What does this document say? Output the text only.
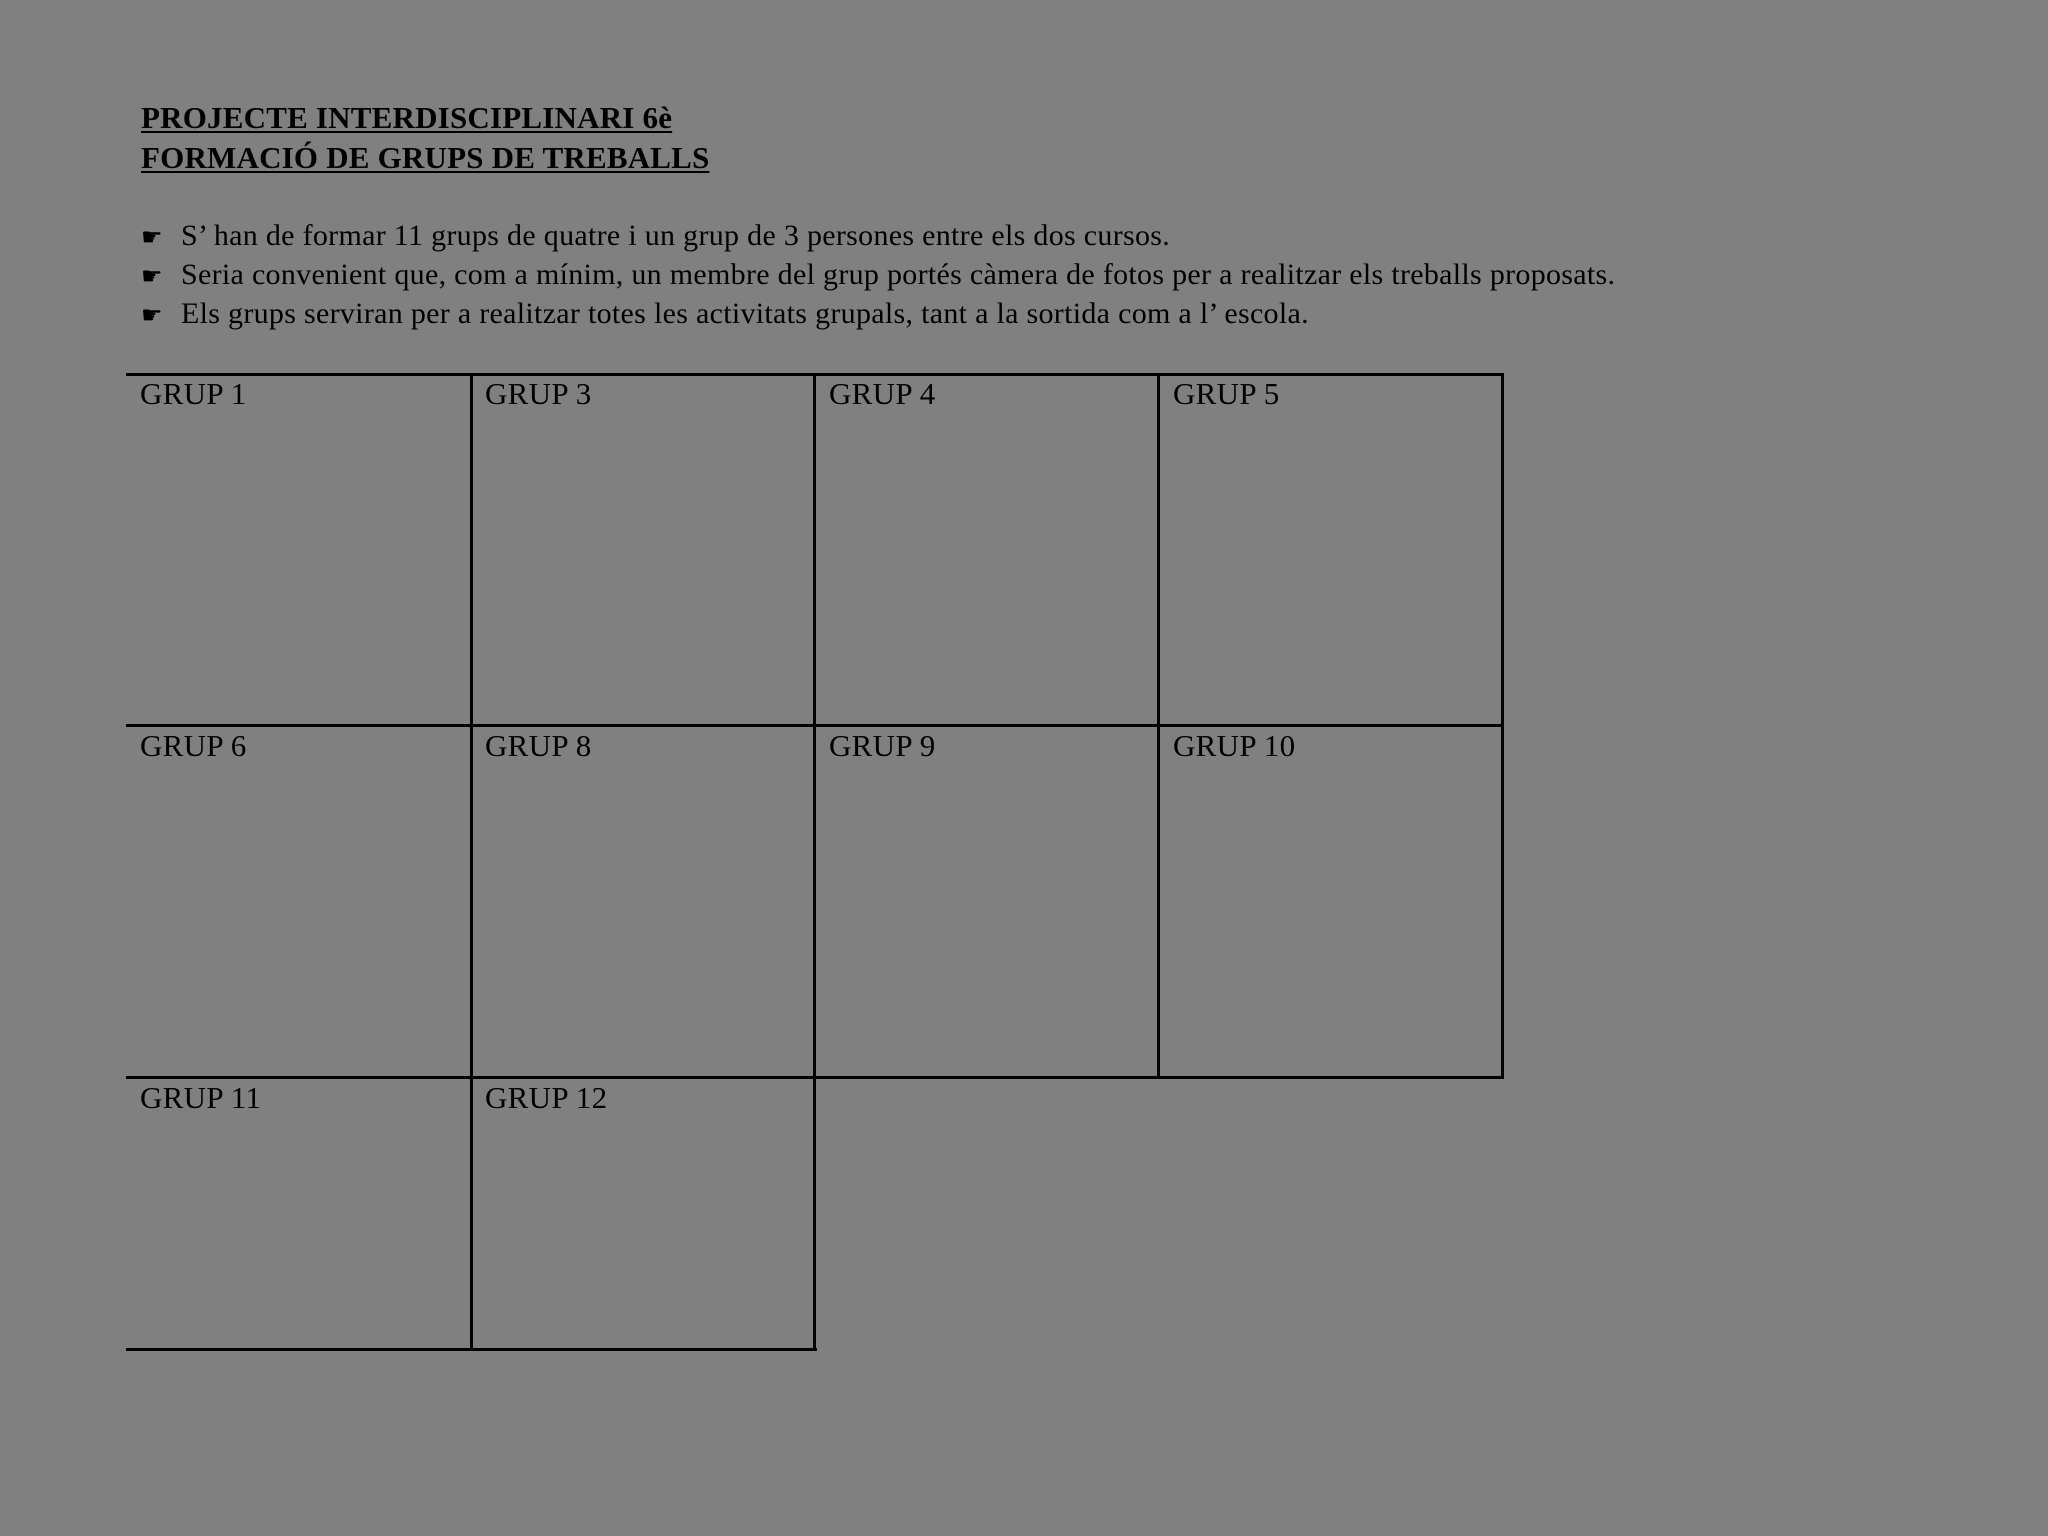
PROJECTE INTERDISCIPLINARI 6è
FORMACIÓ DE GRUPS DE TREBALLS
☛ S’ han de formar 11 grups de quatre i un grup de 3 persones entre els dos cursos.
☛ Seria convenient que, com a mínim, un membre del grup portés càmera de fotos per a realitzar els treballs proposats.
☛ Els grups serviran per a realitzar totes les activitats grupals, tant a la sortida com a l’ escola.
GRUP 1	GRUP 3	GRUP 4	GRUP 5
GRUP 6	GRUP 8	GRUP 9	GRUP 10
GRUP 11	GRUP 12
